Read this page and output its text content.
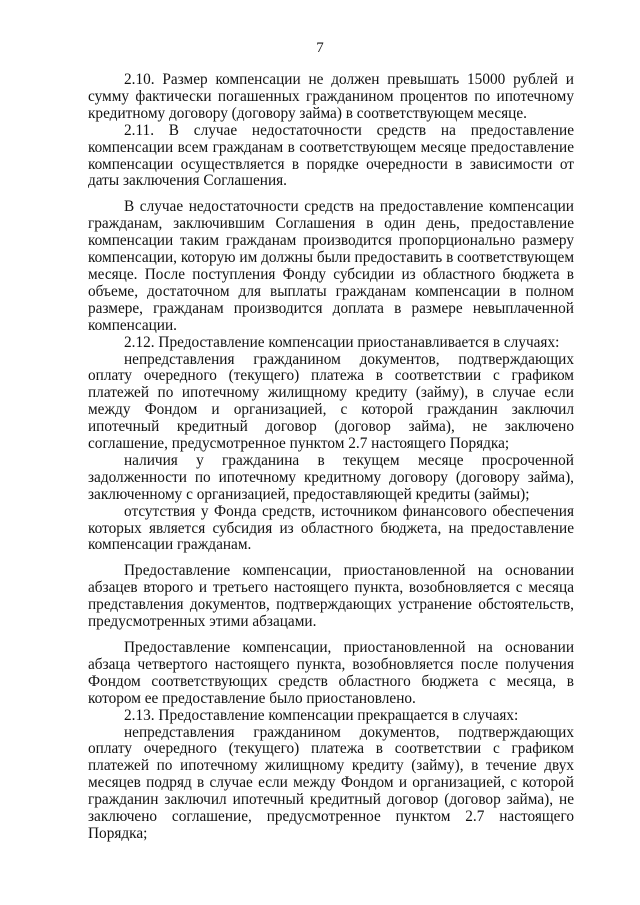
7

2.10. Размер компенсации не должен превышать 15000 рублей и сумму фактически погашенных гражданином процентов по ипотечному кредитному договору (договору займа) в соответствующем месяце.

2.11. В случае недостаточности средств на предоставление компенсации всем гражданам в соответствующем месяце предоставление компенсации осуществляется в порядке очередности в зависимости от даты заключения Соглашения.

В случае недостаточности средств на предоставление компенсации гражданам, заключившим Соглашения в один день, предоставление компенсации таким гражданам производится пропорционально размеру компенсации, которую им должны были предоставить в соответствующем месяце. После поступления Фонду субсидии из областного бюджета в объеме, достаточном для выплаты гражданам компенсации в полном размере, гражданам производится доплата в размере невыплаченной компенсации.

2.12. Предоставление компенсации приостанавливается в случаях:

непредставления гражданином документов, подтверждающих оплату очередного (текущего) платежа в соответствии с графиком платежей по ипотечному жилищному кредиту (займу), в случае если между Фондом и организацией, с которой гражданин заключил ипотечный кредитный договор (договор займа), не заключено соглашение, предусмотренное пунктом 2.7 настоящего Порядка;

наличия у гражданина в текущем месяце просроченной задолженности по ипотечному кредитному договору (договору займа), заключенному с организацией, предоставляющей кредиты (займы);

отсутствия у Фонда средств, источником финансового обеспечения которых является субсидия из областного бюджета, на предоставление компенсации гражданам.

Предоставление компенсации, приостановленной на основании абзацев второго и третьего настоящего пункта, возобновляется с месяца представления документов, подтверждающих устранение обстоятельств, предусмотренных этими абзацами.

Предоставление компенсации, приостановленной на основании абзаца четвертого настоящего пункта, возобновляется после получения Фондом соответствующих средств областного бюджета с месяца, в котором ее предоставление было приостановлено.

2.13. Предоставление компенсации прекращается в случаях:

непредставления гражданином документов, подтверждающих оплату очередного (текущего) платежа в соответствии с графиком платежей по ипотечному жилищному кредиту (займу), в течение двух месяцев подряд в случае если между Фондом и организацией, с которой гражданин заключил ипотечный кредитный договор (договор займа), не заключено соглашение, предусмотренное пунктом 2.7 настоящего Порядка;
